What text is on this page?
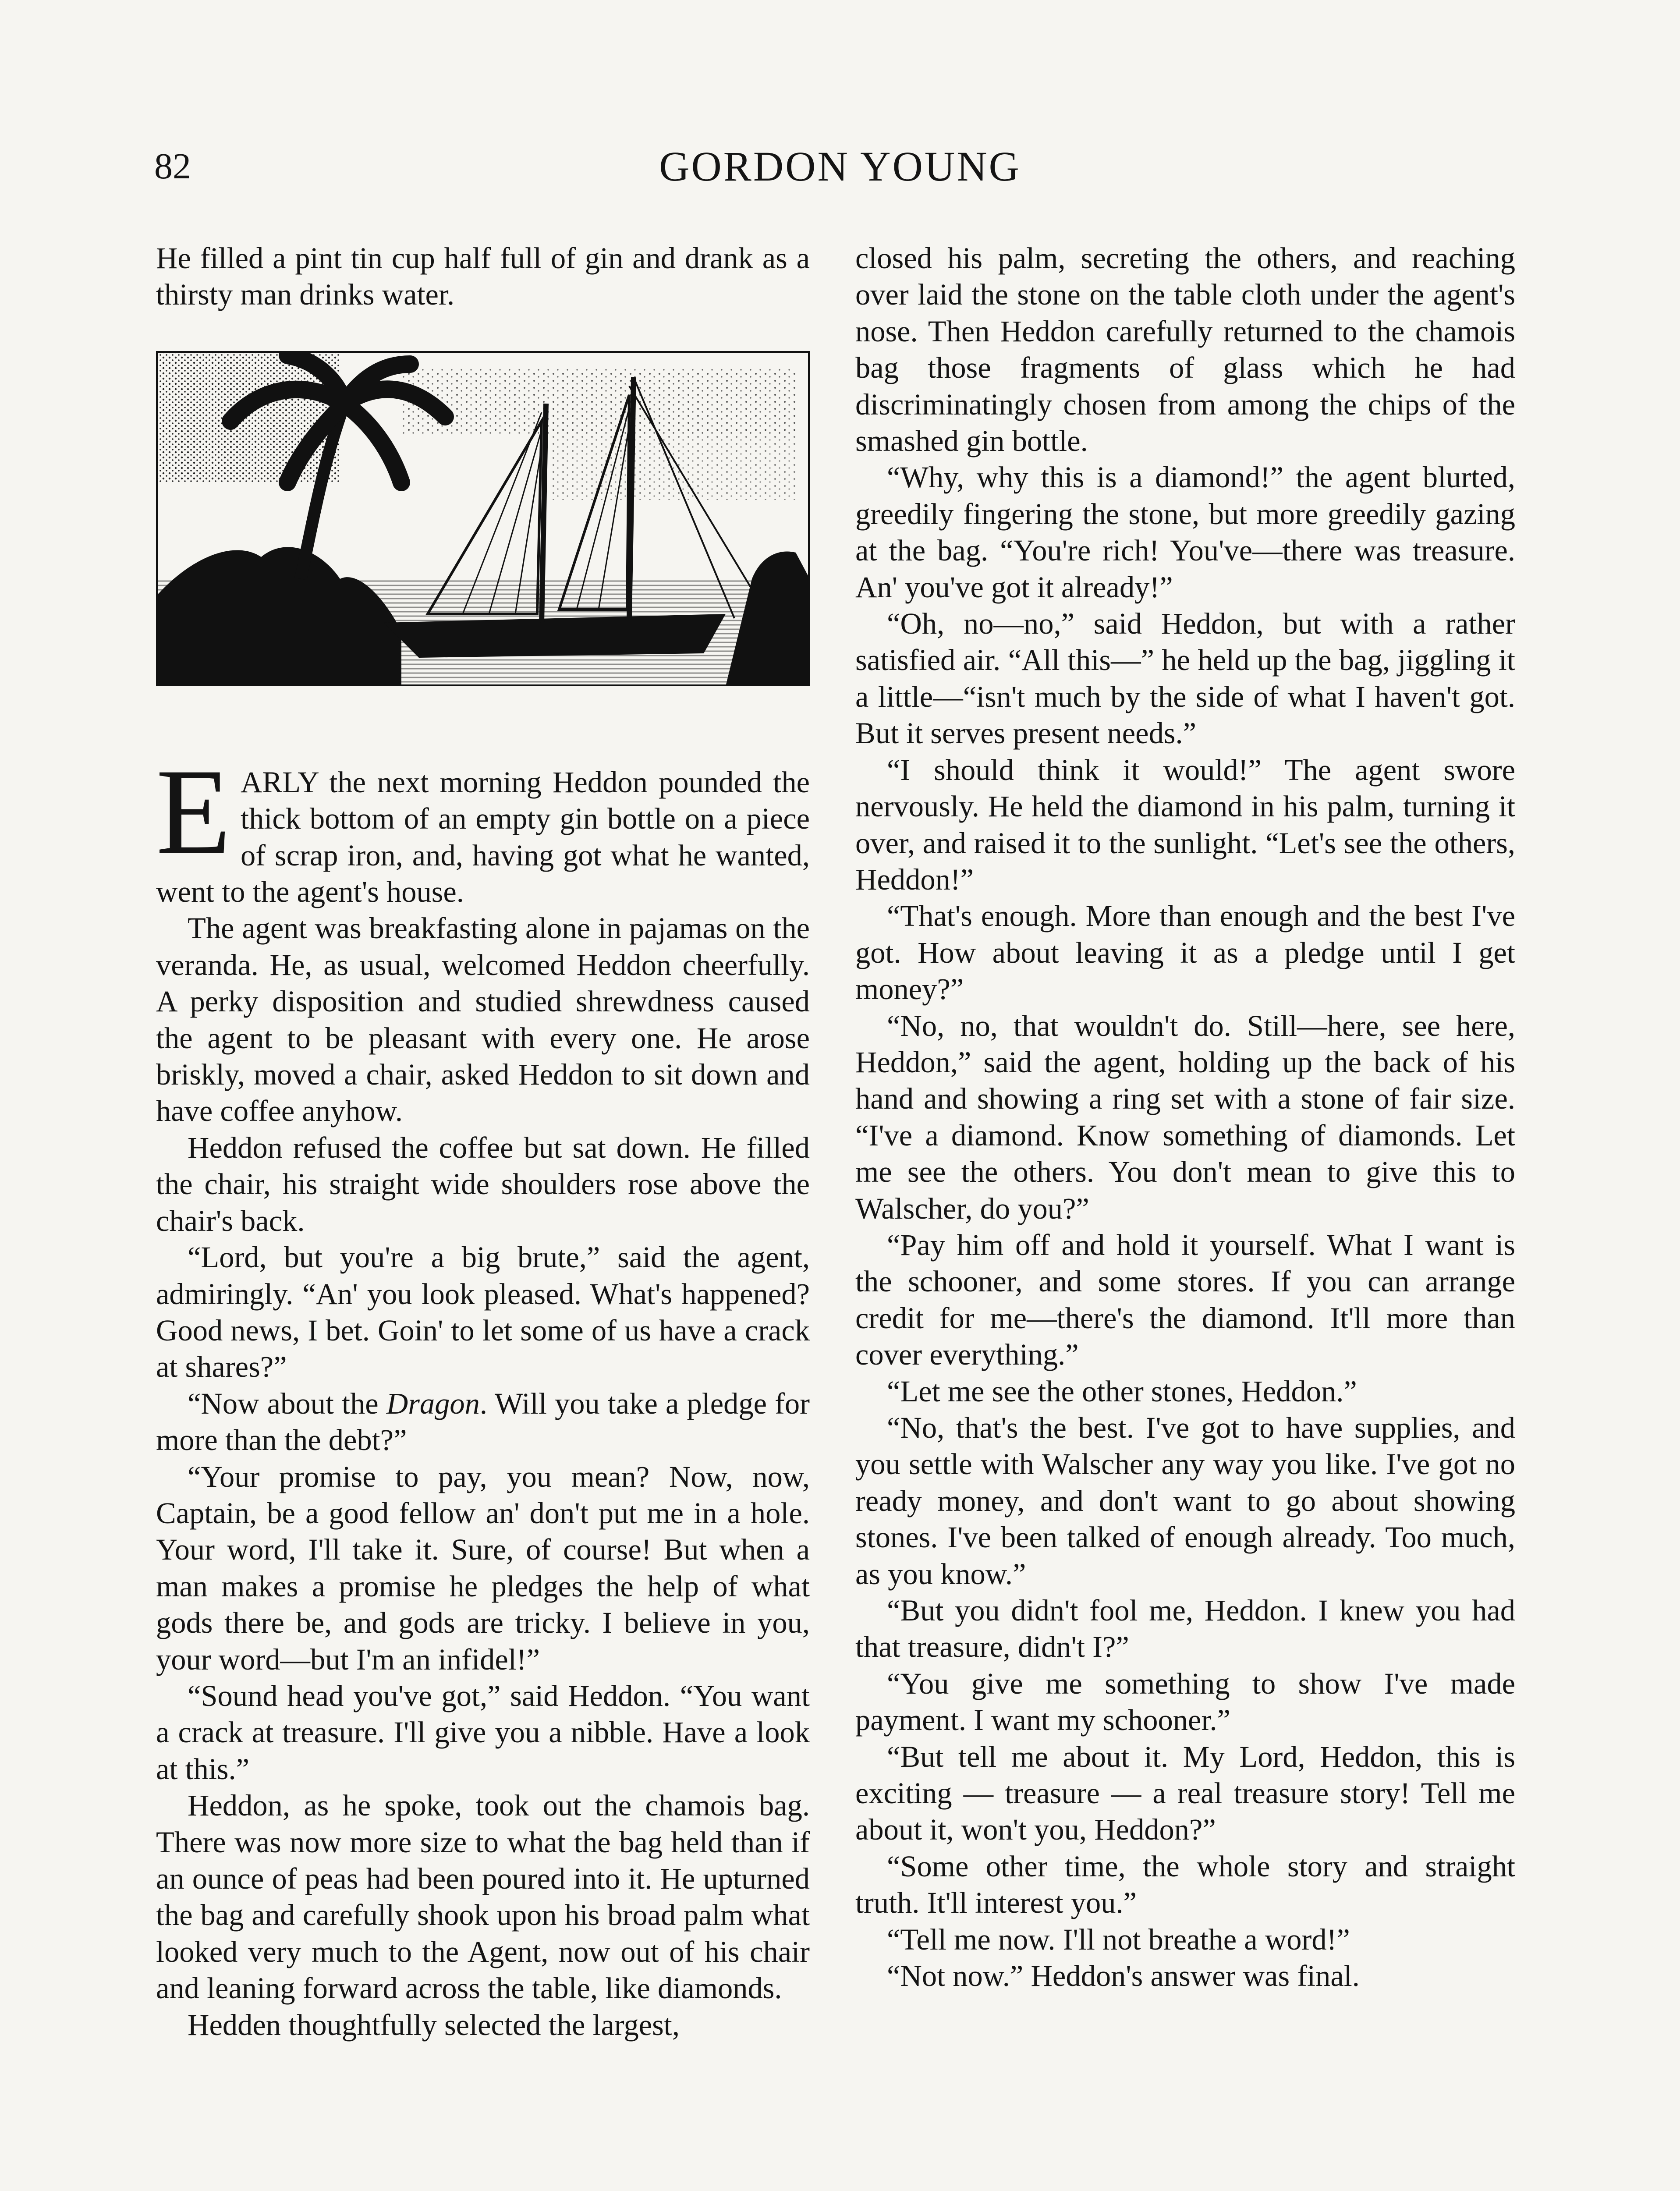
82	GORDON YOUNG

He filled a pint tin cup half full of gin and drank as a thirsty man drinks water.

EARLY the next morning Heddon pounded the thick bottom of an empty gin bottle on a piece of scrap iron, and, having got what he wanted, went to the agent's house.

The agent was breakfasting alone in pajamas on the veranda. He, as usual, welcomed Heddon cheerfully. A perky disposition and studied shrewdness caused the agent to be pleasant with every one. He arose briskly, moved a chair, asked Heddon to sit down and have coffee anyhow.

Heddon refused the coffee but sat down. He filled the chair, his straight wide shoulders rose above the chair's back.

“Lord, but you're a big brute,” said the agent, admiringly. “An' you look pleased. What's happened? Good news, I bet. Goin' to let some of us have a crack at shares?”

“Now about the Dragon. Will you take a pledge for more than the debt?”

“Your promise to pay, you mean? Now, now, Captain, be a good fellow an' don't put me in a hole. Your word, I'll take it. Sure, of course! But when a man makes a promise he pledges the help of what gods there be, and gods are tricky. I believe in you, your word—but I'm an infidel!”

“Sound head you've got,” said Heddon. “You want a crack at treasure. I'll give you a nibble. Have a look at this.”

Heddon, as he spoke, took out the chamois bag. There was now more size to what the bag held than if an ounce of peas had been poured into it. He upturned the bag and carefully shook upon his broad palm what looked very much to the Agent, now out of his chair and leaning forward across the table, like diamonds.

Hedden thoughtfully selected the largest,

closed his palm, secreting the others, and reaching over laid the stone on the table cloth under the agent's nose. Then Heddon carefully returned to the chamois bag those fragments of glass which he had discriminatingly chosen from among the chips of the smashed gin bottle.

“Why, why this is a diamond!” the agent blurted, greedily fingering the stone, but more greedily gazing at the bag. “You're rich! You've—there was treasure. An' you've got it already!”

“Oh, no—no,” said Heddon, but with a rather satisfied air. “All this—” he held up the bag, jiggling it a little—“isn't much by the side of what I haven't got. But it serves present needs.”

“I should think it would!” The agent swore nervously. He held the diamond in his palm, turning it over, and raised it to the sunlight. “Let's see the others, Heddon!”

“That's enough. More than enough and the best I've got. How about leaving it as a pledge until I get money?”

“No, no, that wouldn't do. Still—here, see here, Heddon,” said the agent, holding up the back of his hand and showing a ring set with a stone of fair size. “I've a diamond. Know something of diamonds. Let me see the others. You don't mean to give this to Walscher, do you?”

“Pay him off and hold it yourself. What I want is the schooner, and some stores. If you can arrange credit for me—there's the diamond. It'll more than cover everything.”

“Let me see the other stones, Heddon.”

“No, that's the best. I've got to have supplies, and you settle with Walscher any way you like. I've got no ready money, and don't want to go about showing stones. I've been talked of enough already. Too much, as you know.”

“But you didn't fool me, Heddon. I knew you had that treasure, didn't I?”

“You give me something to show I've made payment. I want my schooner.”

“But tell me about it. My Lord, Heddon, this is exciting — treasure — a real treasure story! Tell me about it, won't you, Heddon?”

“Some other time, the whole story and straight truth. It'll interest you.”

“Tell me now. I'll not breathe a word!”

“Not now.” Heddon's answer was final.
